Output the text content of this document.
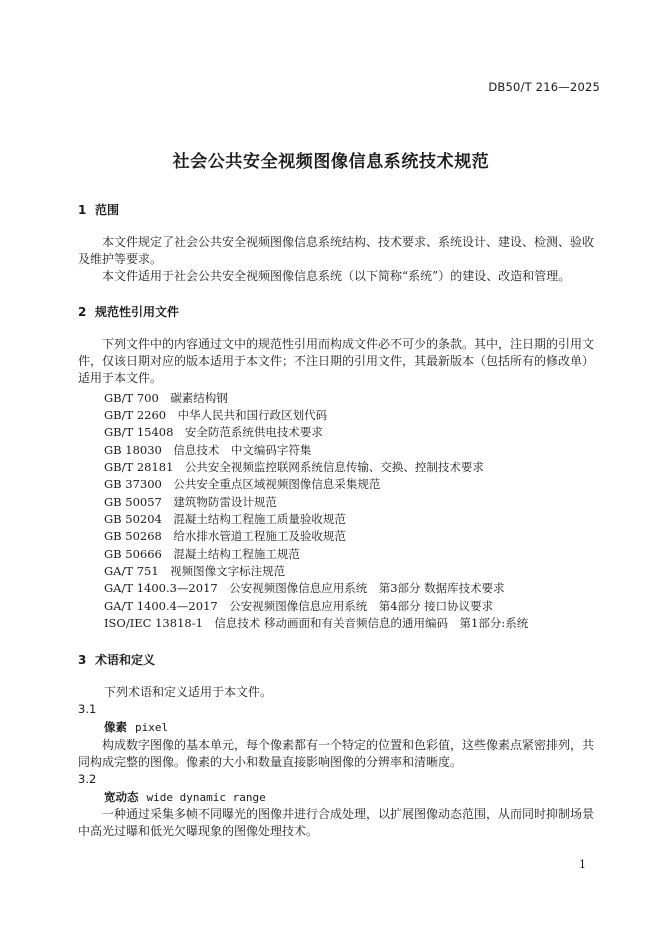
DB50/T 216—2025
社会公共安全视频图像信息系统技术规范
1 范围
本文件规定了社会公共安全视频图像信息系统结构、技术要求、系统设计、建设、检测、验收及维护等要求。
本文件适用于社会公共安全视频图像信息系统（以下简称“系统”）的建设、改造和管理。
2 规范性引用文件
下列文件中的内容通过文中的规范性引用而构成文件必不可少的条款。其中，注日期的引用文件，仅该日期对应的版本适用于本文件；不注日期的引用文件，其最新版本（包括所有的修改单）适用于本文件。
GB/T 700　碳素结构钢
GB/T 2260　中华人民共和国行政区划代码
GB/T 15408　安全防范系统供电技术要求
GB 18030　信息技术　中文编码字符集
GB/T 28181　公共安全视频监控联网系统信息传输、交换、控制技术要求
GB 37300　公共安全重点区域视频图像信息采集规范
GB 50057　建筑物防雷设计规范
GB 50204　混凝土结构工程施工质量验收规范
GB 50268　给水排水管道工程施工及验收规范
GB 50666　混凝土结构工程施工规范
GA/T 751　视频图像文字标注规范
GA/T 1400.3—2017　公安视频图像信息应用系统　第3部分 数据库技术要求
GA/T 1400.4—2017　公安视频图像信息应用系统　第4部分 接口协议要求
ISO/IEC 13818-1　信息技术 移动画面和有关音频信息的通用编码　第1部分:系统
3 术语和定义
下列术语和定义适用于本文件。
3.1
像素 pixel
构成数字图像的基本单元，每个像素都有一个特定的位置和色彩值，这些像素点紧密排列，共同构成完整的图像。像素的大小和数量直接影响图像的分辨率和清晰度。
3.2
宽动态 wide dynamic range
一种通过采集多帧不同曝光的图像并进行合成处理，以扩展图像动态范围，从而同时抑制场景中高光过曝和低光欠曝现象的图像处理技术。
1
